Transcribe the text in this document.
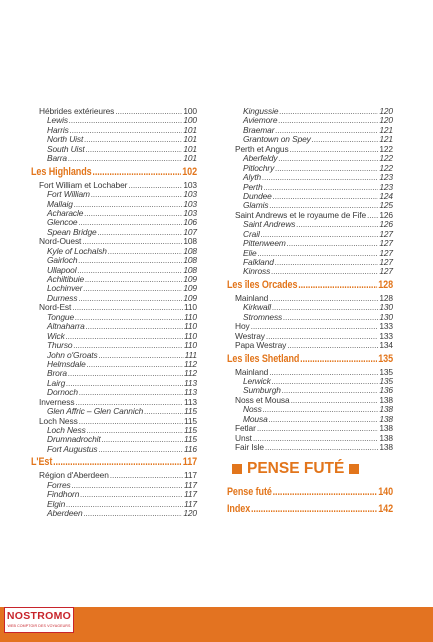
Hébrides extérieures .....	100
Lewis .....	100
Harris .....	101
North Uist .....	101
South Uist .....	101
Barra .....	101
Les Highlands .....	102
Fort William et Lochaber .....	103
Fort William .....	103
Mallaig .....	103
Acharacle .....	103
Glencoe .....	106
Spean Bridge .....	107
Nord-Ouest .....	108
Kyle of Lochalsh .....	108
Gairloch .....	108
Ullapool .....	108
Achiltibuie .....	109
Lochinver .....	109
Durness .....	109
Nord-Est .....	110
Tongue .....	110
Altnaharra .....	110
Wick .....	110
Thurso .....	110
John o'Groats .....	111
Helmsdale .....	112
Brora .....	112
Lairg .....	113
Dornoch .....	113
Inverness .....	113
Glen Affric – Glen Cannich .....	115
Loch Ness .....	115
Loch Ness .....	115
Drumnadrochit .....	115
Fort Augustus .....	116
L'Est .....	117
Région d'Aberdeen .....	117
Forres .....	117
Findhorn .....	117
Elgin .....	117
Aberdeen .....	120
Kingussie .....	120
Aviemore .....	120
Braemar .....	121
Grantown on Spey .....	121
Perth et Angus .....	122
Aberfeldy .....	122
Pitlochry .....	122
Alyth .....	123
Perth .....	123
Dundee .....	124
Glamis .....	125
Saint Andrews et le royaume de Fife ..... 126
Saint Andrews .....	126
Crail .....	127
Pittenweem .....	127
Elie .....	127
Falkland .....	127
Kinross .....	127
Les îles Orcades .....	128
Mainland .....	128
Kirkwall .....	130
Stromness .....	130
Hoy .....	133
Westray .....	133
Papa Westray .....	134
Les îles Shetland .....	135
Mainland .....	135
Lerwick .....	135
Sumburgh .....	136
Noss et Mousa .....	138
Noss .....	138
Mousa .....	138
Fetlar .....	138
Unst .....	138
Fair Isle .....	138
PENSE FUTÉ
Pense futé .....	140
Index .....	142
NOSTROMO
WEB COMPTOIR DES VOYAGEURS
